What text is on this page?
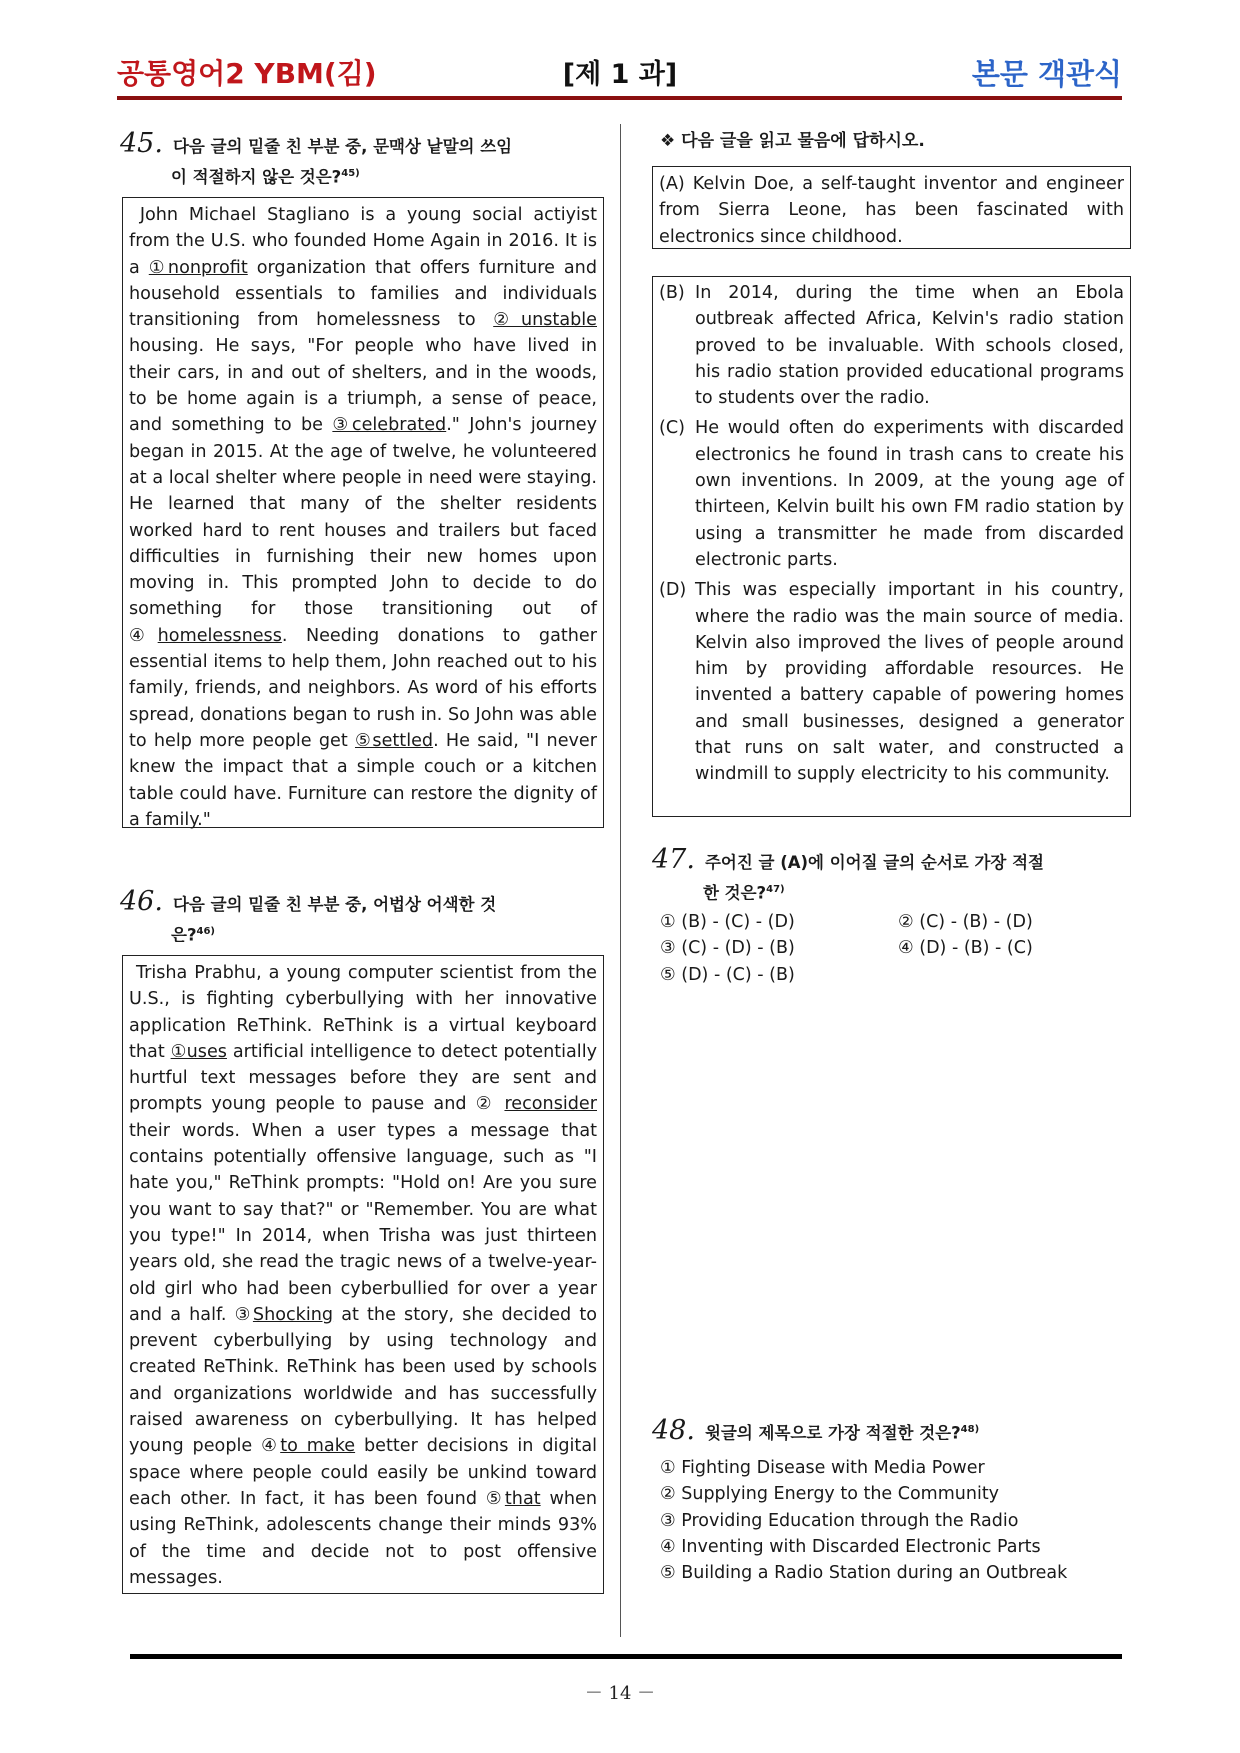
공통영어2 YBM(김)	[제 1 과]	본문 객관식
45. 다음 글의 밑줄 친 부분 중, 문맥상 낱말의 쓰임
이 적절하지 않은 것은?$^{45)}$

John Michael Stagliano is a young social actiyist from the U.S. who founded Home Again in 2016. It is a ①nonprofit organization that offers furniture and household essentials to families and individuals transitioning from homelessness to ②unstable housing. He says, "For people who have lived in their cars, in and out of shelters, and in the woods, to be home again is a triumph, a sense of peace, and something to be ③celebrated." John's journey began in 2015. At the age of twelve, he volunteered at a local shelter where people in need were staying. He learned that many of the shelter residents worked hard to rent houses and trailers but faced difficulties in furnishing their new homes upon moving in. This prompted John to decide to do something for those transitioning out of ④homelessness. Needing donations to gather essential items to help them, John reached out to his family, friends, and neighbors. As word of his efforts spread, donations began to rush in. So John was able to help more people get ⑤settled. He said, "I never knew the impact that a simple couch or a kitchen table could have. Furniture can restore the dignity of a family."

46. 다음 글의 밑줄 친 부분 중, 어법상 어색한 것
은?$^{46)}$

Trisha Prabhu, a young computer scientist from the U.S., is fighting cyberbullying with her innovative application ReThink. ReThink is a virtual keyboard that ①uses artificial intelligence to detect potentially hurtful text messages before they are sent and prompts young people to pause and ② reconsider their words. When a user types a message that contains potentially offensive language, such as "I hate you," ReThink prompts: "Hold on! Are you sure you want to say that?" or "Remember. You are what you type!" In 2014, when Trisha was just thirteen years old, she read the tragic news of a twelve-year-old girl who had been cyberbullied for over a year and a half. ③Shocking at the story, she decided to prevent cyberbullying by using technology and created ReThink. ReThink has been used by schools and organizations worldwide and has successfully raised awareness on cyberbullying. It has helped young people ④to make better decisions in digital space where people could easily be unkind toward each other. In fact, it has been found ⑤that when using ReThink, adolescents change their minds 93% of the time and decide not to post offensive messages.

❖ 다음 글을 읽고 물음에 답하시오.

(A) Kelvin Doe, a self-taught inventor and engineer from Sierra Leone, has been fascinated with electronics since childhood.

(B) In 2014, during the time when an Ebola outbreak affected Africa, Kelvin's radio station proved to be invaluable. With schools closed, his radio station provided educational programs to students over the radio.
(C) He would often do experiments with discarded electronics he found in trash cans to create his own inventions. In 2009, at the young age of thirteen, Kelvin built his own FM radio station by using a transmitter he made from discarded electronic parts.
(D) This was especially important in his country, where the radio was the main source of media. Kelvin also improved the lives of people around him by providing affordable resources. He invented a battery capable of powering homes and small businesses, designed a generator that runs on salt water, and constructed a windmill to supply electricity to his community.
47. 주어진 글 (A)에 이어질 글의 순서로 가장 적절
한 것은?$^{47)}$
① (B) - (C) - (D)	② (C) - (B) - (D)
③ (C) - (D) - (B)	④ (D) - (B) - (C)
⑤ (D) - (C) - (B)
48. 윗글의 제목으로 가장 적절한 것은?$^{48)}$
① Fighting Disease with Media Power
② Supplying Energy to the Community
③ Providing Education through the Radio
④ Inventing with Discarded Electronic Parts
⑤ Building a Radio Station during an Outbreak
－ 14 －
